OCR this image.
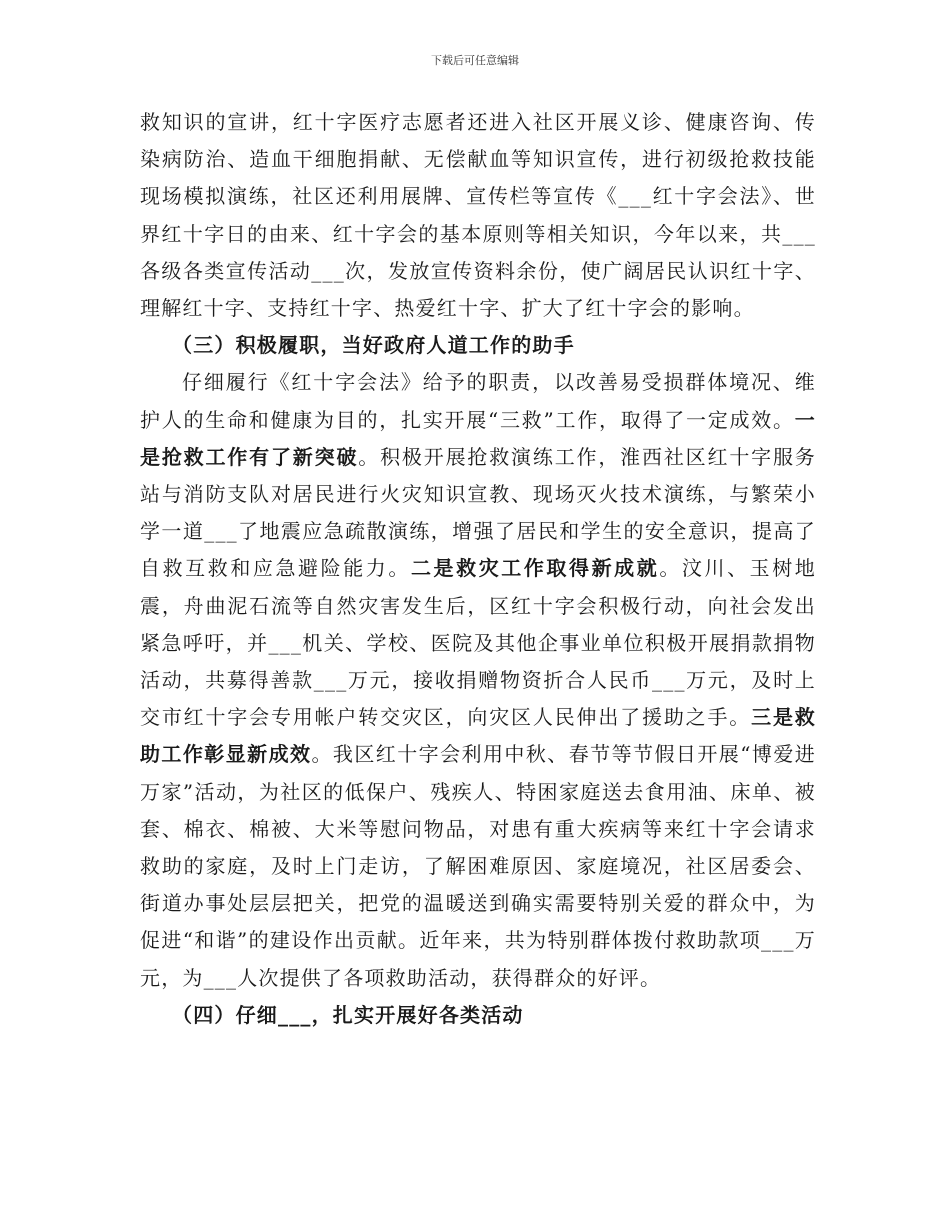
下载后可任意编辑

救知识的宣讲，红十字医疗志愿者还进入社区开展义诊、健康咨询、传染病防治、造血干细胞捐献、无偿献血等知识宣传，进行初级抢救技能现场模拟演练，社区还利用展牌、宣传栏等宣传《___红十字会法》、世界红十字日的由来、红十字会的基本原则等相关知识，今年以来，共___各级各类宣传活动___次，发放宣传资料余份，使广阔居民认识红十字、理解红十字、支持红十字、热爱红十字、扩大了红十字会的影响。

（三）积极履职，当好政府人道工作的助手

仔细履行《红十字会法》给予的职责，以改善易受损群体境况、维护人的生命和健康为目的，扎实开展“三救”工作，取得了一定成效。一是抢救工作有了新突破。积极开展抢救演练工作，淮西社区红十字服务站与消防支队对居民进行火灾知识宣教、现场灭火技术演练，与繁荣小学一道___了地震应急疏散演练，增强了居民和学生的安全意识，提高了自救互救和应急避险能力。二是救灾工作取得新成就。汶川、玉树地震，舟曲泥石流等自然灾害发生后，区红十字会积极行动，向社会发出紧急呼吁，并___机关、学校、医院及其他企事业单位积极开展捐款捐物活动，共募得善款___万元，接收捐赠物资折合人民币___万元，及时上交市红十字会专用帐户转交灾区，向灾区人民伸出了援助之手。三是救助工作彰显新成效。我区红十字会利用中秋、春节等节假日开展“博爱进万家”活动，为社区的低保户、残疾人、特困家庭送去食用油、床单、被套、棉衣、棉被、大米等慰问物品，对患有重大疾病等来红十字会请求救助的家庭，及时上门走访，了解困难原因、家庭境况，社区居委会、街道办事处层层把关，把党的温暖送到确实需要特别关爱的群众中，为促进“和谐”的建设作出贡献。近年来，共为特别群体拨付救助款项___万元，为___人次提供了各项救助活动，获得群众的好评。

（四）仔细___，扎实开展好各类活动
